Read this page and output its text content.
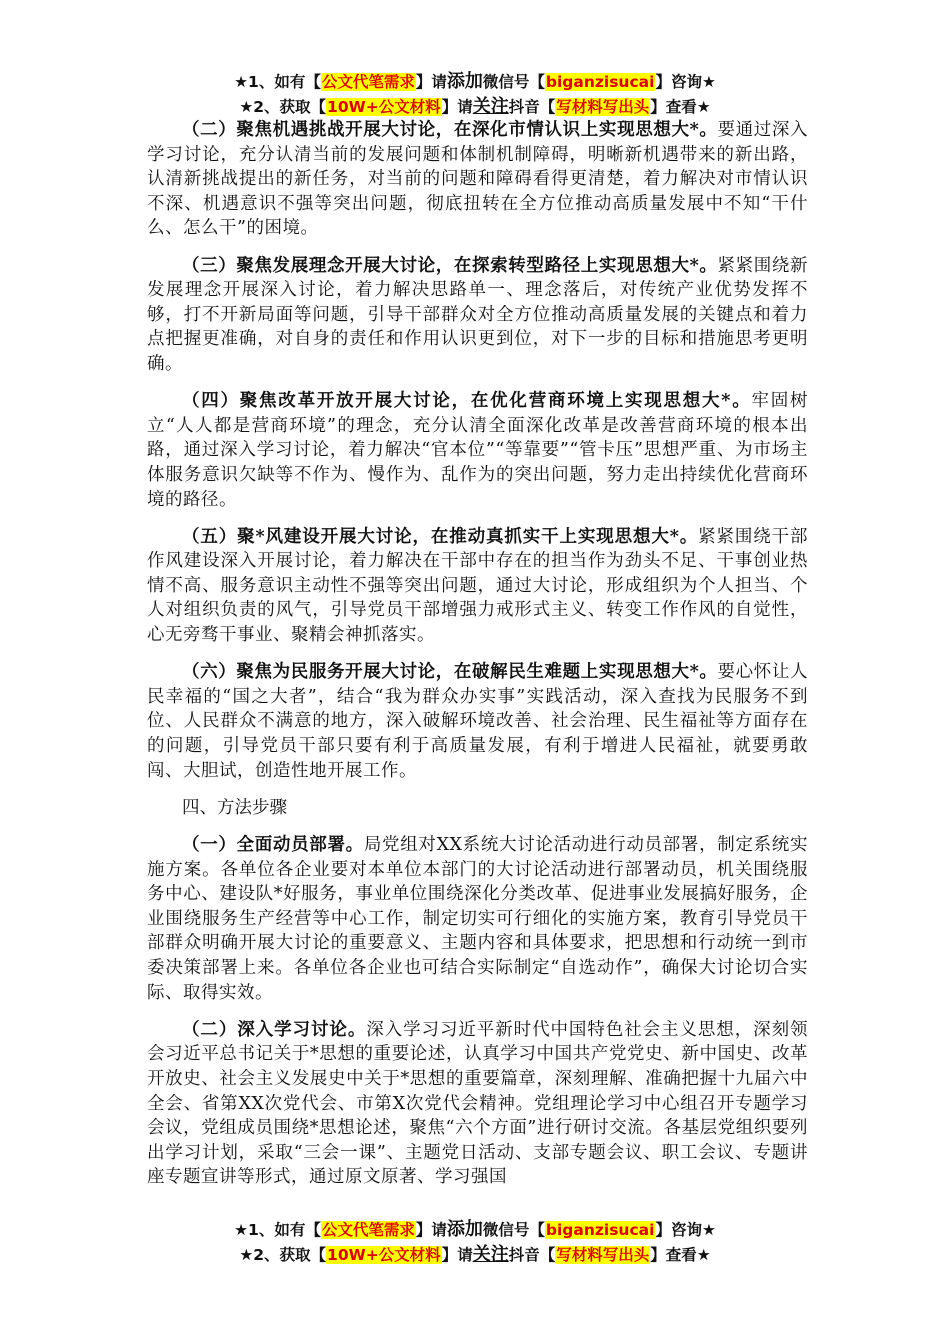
★1、如有【公文代笔需求】请添加微信号【biganzisucai】咨询★
★2、获取【10W+公文材料】请关注抖音【写材料写出头】查看★

（二）聚焦机遇挑战开展大讨论，在深化市情认识上实现思想大*。要通过深入学习讨论，充分认清当前的发展问题和体制机制障碍，明晰新机遇带来的新出路，认清新挑战提出的新任务，对当前的问题和障碍看得更清楚，着力解决对市情认识不深、机遇意识不强等突出问题，彻底扭转在全方位推动高质量发展中不知“干什么、怎么干”的困境。

（三）聚焦发展理念开展大讨论，在探索转型路径上实现思想大*。紧紧围绕新发展理念开展深入讨论，着力解决思路单一、理念落后，对传统产业优势发挥不够，打不开新局面等问题，引导干部群众对全方位推动高质量发展的关键点和着力点把握更准确，对自身的责任和作用认识更到位，对下一步的目标和措施思考更明确。

（四）聚焦改革开放开展大讨论，在优化营商环境上实现思想大*。牢固树立“人人都是营商环境”的理念，充分认清全面深化改革是改善营商环境的根本出路，通过深入学习讨论，着力解决“官本位”“等靠要”“管卡压”思想严重、为市场主体服务意识欠缺等不作为、慢作为、乱作为的突出问题，努力走出持续优化营商环境的路径。

（五）聚*风建设开展大讨论，在推动真抓实干上实现思想大*。紧紧围绕干部作风建设深入开展讨论，着力解决在干部中存在的担当作为劲头不足、干事创业热情不高、服务意识主动性不强等突出问题，通过大讨论，形成组织为个人担当、个人对组织负责的风气，引导党员干部增强力戒形式主义、转变工作作风的自觉性，心无旁骛干事业、聚精会神抓落实。

（六）聚焦为民服务开展大讨论，在破解民生难题上实现思想大*。要心怀让人民幸福的“国之大者”，结合“我为群众办实事”实践活动，深入查找为民服务不到位、人民群众不满意的地方，深入破解环境改善、社会治理、民生福祉等方面存在的问题，引导党员干部只要有利于高质量发展，有利于增进人民福祉，就要勇敢闯、大胆试，创造性地开展工作。

四、方法步骤

（一）全面动员部署。局党组对XX系统大讨论活动进行动员部署，制定系统实施方案。各单位各企业要对本单位本部门的大讨论活动进行部署动员，机关围绕服务中心、建设队*好服务，事业单位围绕深化分类改革、促进事业发展搞好服务，企业围绕服务生产经营等中心工作，制定切实可行细化的实施方案，教育引导党员干部群众明确开展大讨论的重要意义、主题内容和具体要求，把思想和行动统一到市委决策部署上来。各单位各企业也可结合实际制定“自选动作”，确保大讨论切合实际、取得实效。

（二）深入学习讨论。深入学习习近平新时代中国特色社会主义思想，深刻领会习近平总书记关于*思想的重要论述，认真学习中国共产党党史、新中国史、改革开放史、社会主义发展史中关于*思想的重要篇章，深刻理解、准确把握十九届六中全会、省第XX次党代会、市第X次党代会精神。党组理论学习中心组召开专题学习会议，党组成员围绕*思想论述，聚焦“六个方面”进行研讨交流。各基层党组织要列出学习计划，采取“三会一课”、主题党日活动、支部专题会议、职工会议、专题讲座专题宣讲等形式，通过原文原著、学习强国

★1、如有【公文代笔需求】请添加微信号【biganzisucai】咨询★
★2、获取【10W+公文材料】请关注抖音【写材料写出头】查看★
